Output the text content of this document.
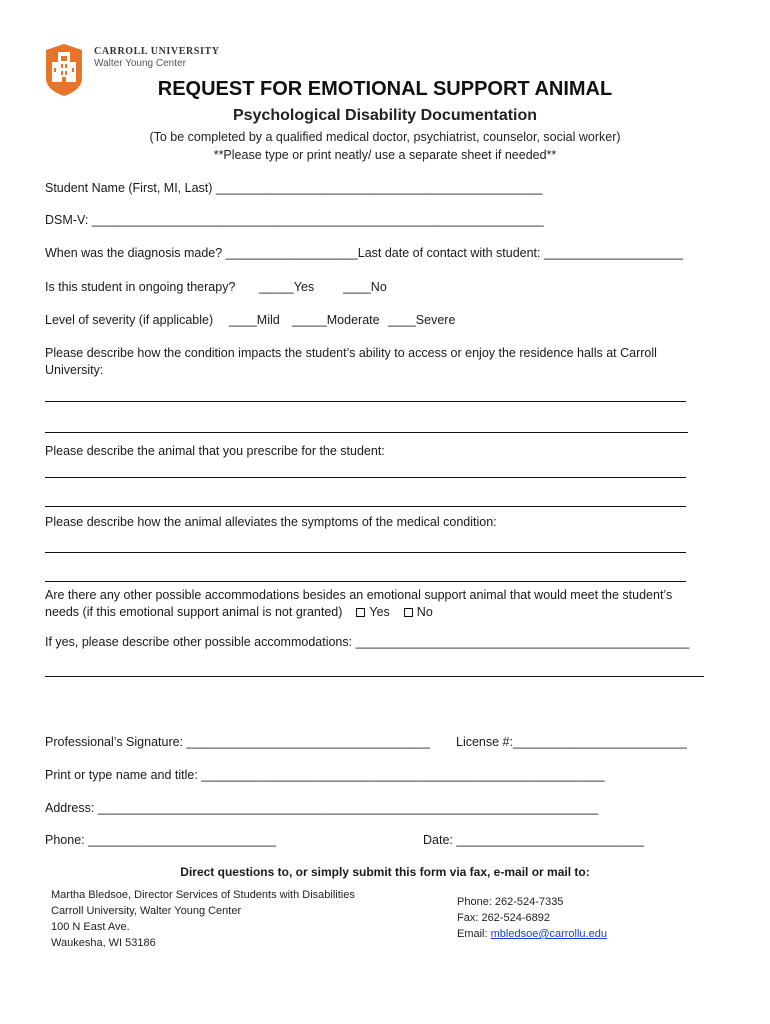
CARROLL UNIVERSITY
Walter Young Center
REQUEST FOR EMOTIONAL SUPPORT ANIMAL
Psychological Disability Documentation
(To be completed by a qualified medical doctor, psychiatrist, counselor, social worker)
**Please type or print neatly/ use a separate sheet if needed**
Student Name (First, MI, Last) _______________________________________________
DSM-V: _________________________________________________________________
When was the diagnosis made? ___________________Last date of contact with student: ____________________
Is this student in ongoing therapy? _____Yes ____No
Level of severity (if applicable) ____Mild _____Moderate ____Severe
Please describe how the condition impacts the student’s ability to access or enjoy the residence halls at Carroll
University:
Please describe the animal that you prescribe for the student:
Please describe how the animal alleviates the symptoms of the medical condition:
Are there any other possible accommodations besides an emotional support animal that would meet the student’s
needs (if this emotional support animal is not granted) Yes No
If yes, please describe other possible accommodations: ________________________________________________
Professional’s Signature: ___________________________________ License #:_________________________
Print or type name and title: __________________________________________________________
Address: ________________________________________________________________________
Phone: ___________________________	Date: ___________________________
Direct questions to, or simply submit this form via fax, e-mail or mail to:
Martha Bledsoe, Director Services of Students with Disabilities
Carroll University, Walter Young Center
100 N East Ave.
Waukesha, WI 53186
Phone: 262-524-7335
Fax: 262-524-6892
Email: mbledsoe@carrollu.edu
